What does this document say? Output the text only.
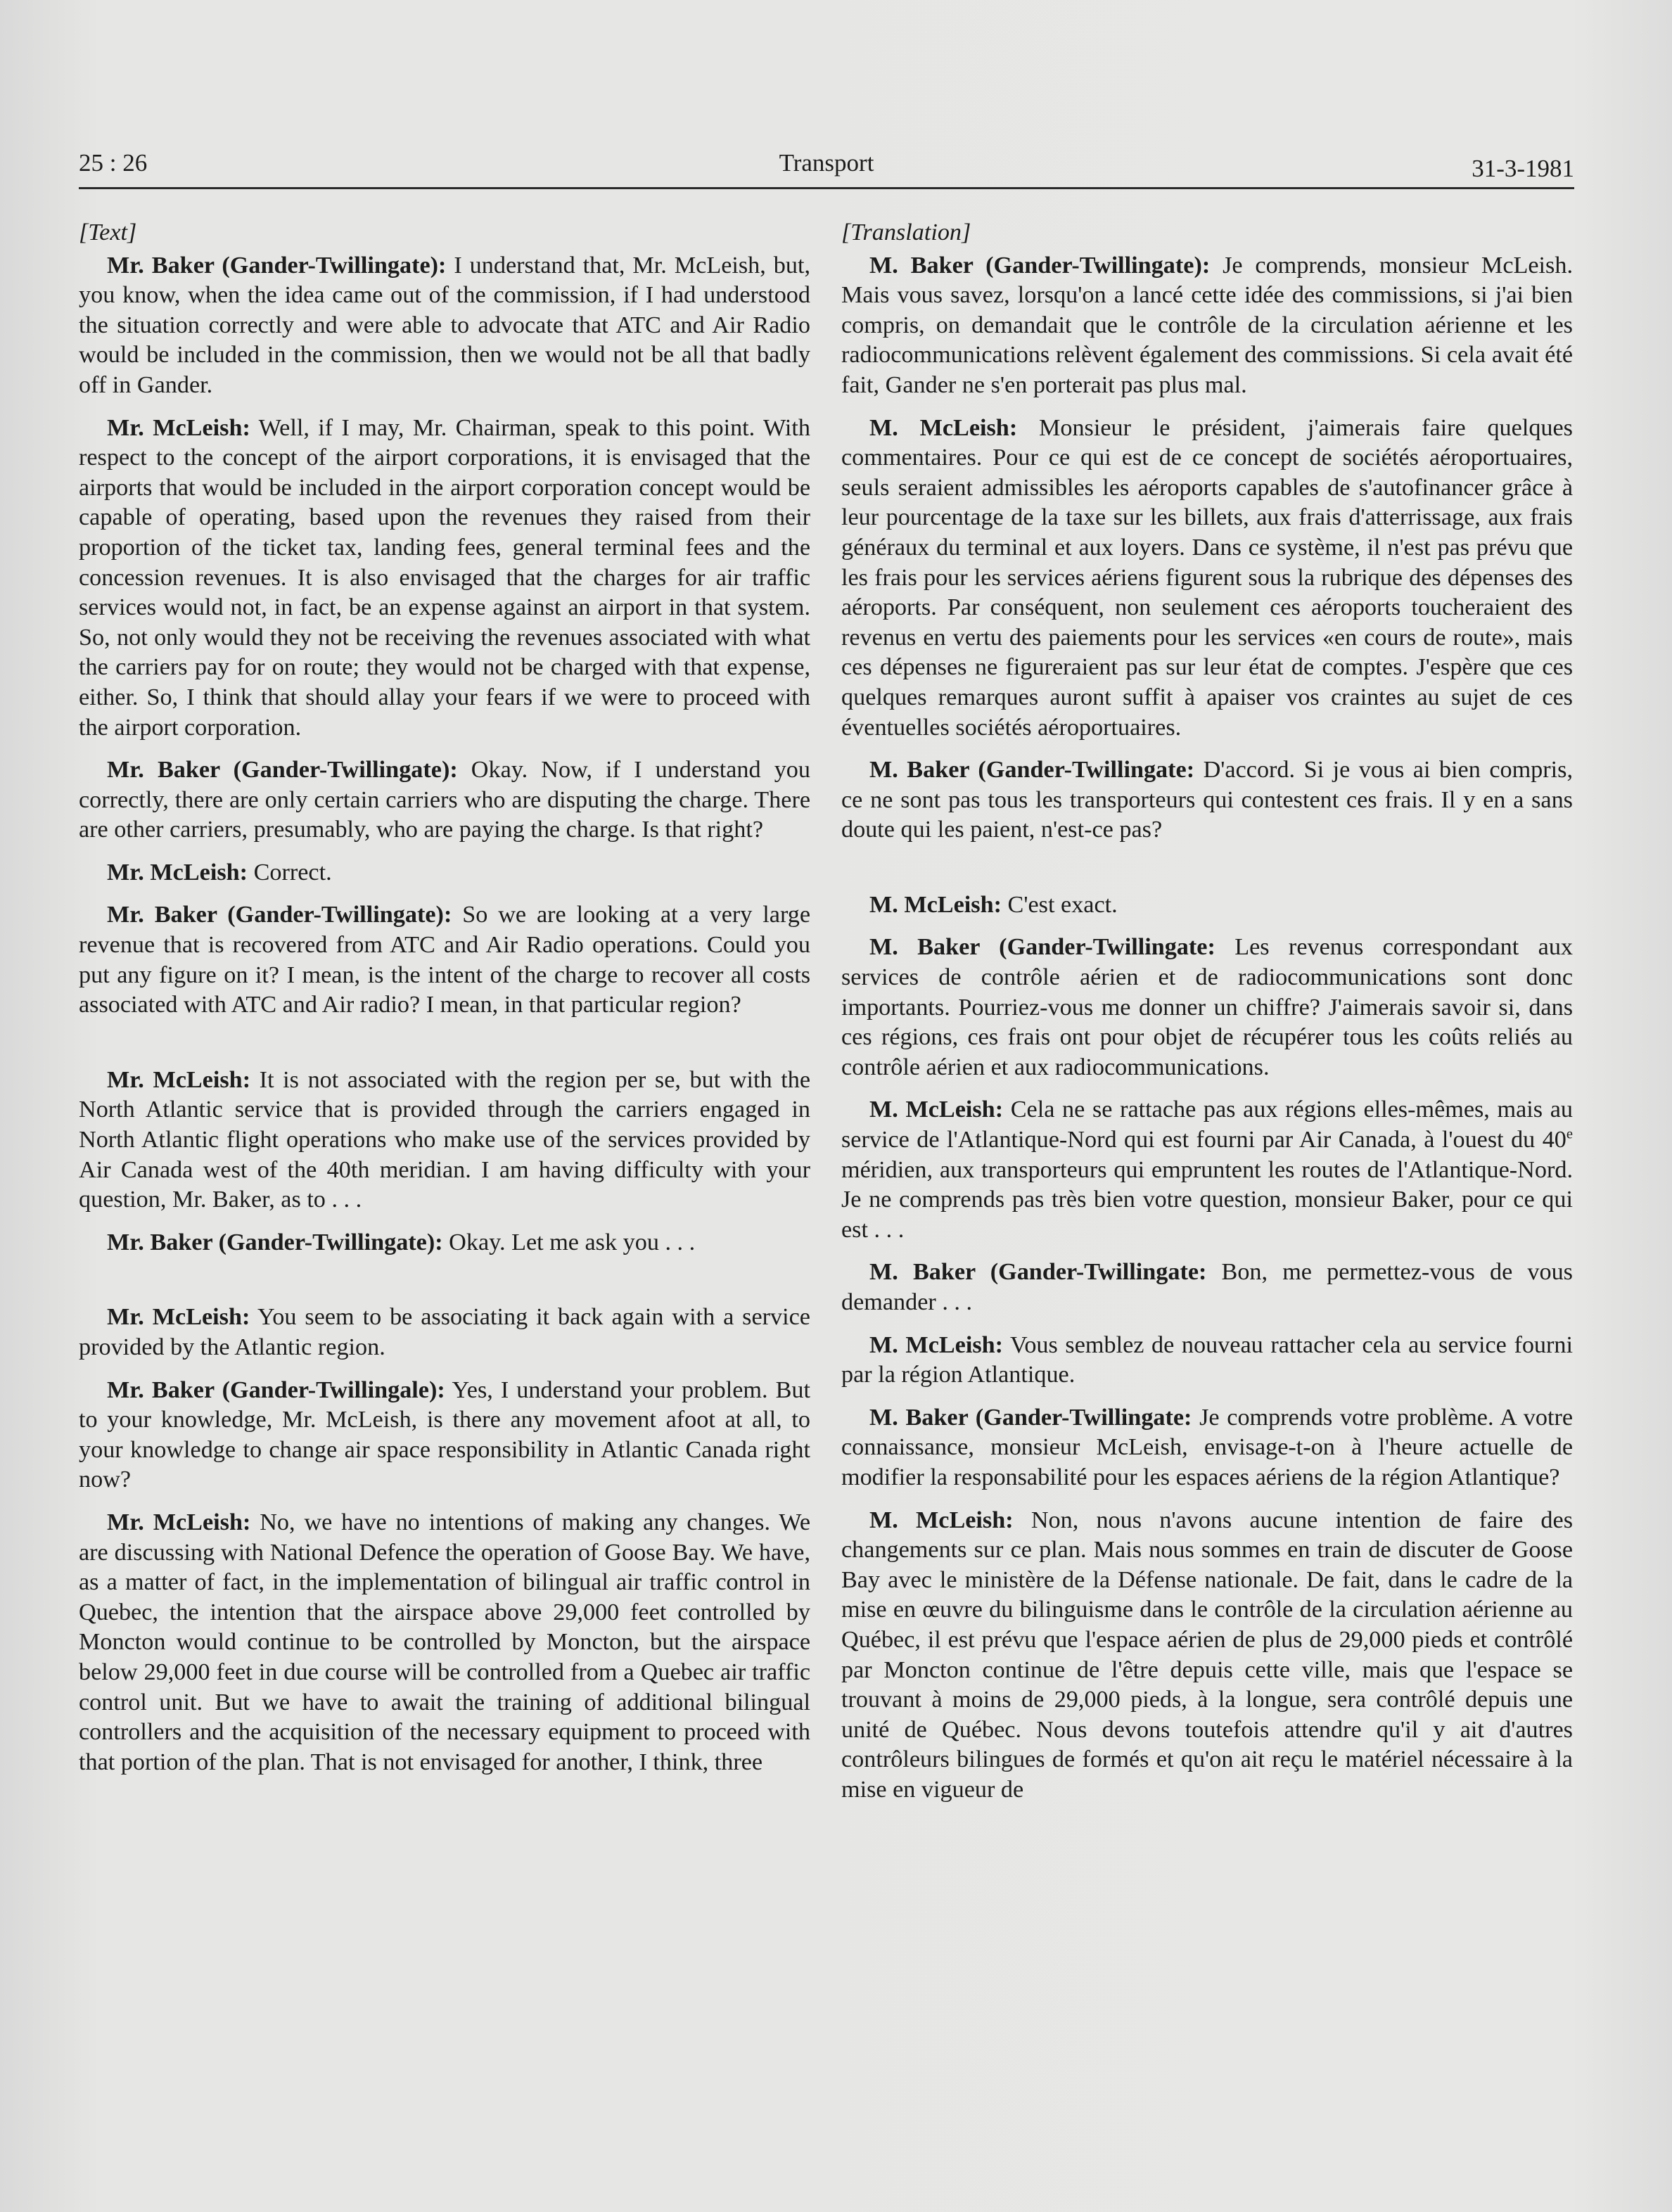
25 : 26	Transport	31-3-1981

[Text]

Mr. Baker (Gander-Twillingate): I understand that, Mr. McLeish, but, you know, when the idea came out of the commission, if I had understood the situation correctly and were able to advocate that ATC and Air Radio would be included in the commission, then we would not be all that badly off in Gander.

Mr. McLeish: Well, if I may, Mr. Chairman, speak to this point. With respect to the concept of the airport corporations, it is envisaged that the airports that would be included in the airport corporation concept would be capable of operating, based upon the revenues they raised from their proportion of the ticket tax, landing fees, general terminal fees and the concession revenues. It is also envisaged that the charges for air traffic services would not, in fact, be an expense against an airport in that system. So, not only would they not be receiving the revenues associated with what the carriers pay for on route; they would not be charged with that expense, either. So, I think that should allay your fears if we were to proceed with the airport corporation.

Mr. Baker (Gander-Twillingate): Okay. Now, if I understand you correctly, there are only certain carriers who are disputing the charge. There are other carriers, presumably, who are paying the charge. Is that right?

Mr. McLeish: Correct.

Mr. Baker (Gander-Twillingate): So we are looking at a very large revenue that is recovered from ATC and Air Radio operations. Could you put any figure on it? I mean, is the intent of the charge to recover all costs associated with ATC and Air radio? I mean, in that particular region?

Mr. McLeish: It is not associated with the region per se, but with the North Atlantic service that is provided through the carriers engaged in North Atlantic flight operations who make use of the services provided by Air Canada west of the 40th meridian. I am having difficulty with your question, Mr. Baker, as to . . .

Mr. Baker (Gander-Twillingate): Okay. Let me ask you . . .

Mr. McLeish: You seem to be associating it back again with a service provided by the Atlantic region.

Mr. Baker (Gander-Twillingale): Yes, I understand your problem. But to your knowledge, Mr. McLeish, is there any movement afoot at all, to your knowledge to change air space responsibility in Atlantic Canada right now?

Mr. McLeish: No, we have no intentions of making any changes. We are discussing with National Defence the operation of Goose Bay. We have, as a matter of fact, in the implementation of bilingual air traffic control in Quebec, the intention that the airspace above 29,000 feet controlled by Moncton would continue to be controlled by Moncton, but the airspace below 29,000 feet in due course will be controlled from a Quebec air traffic control unit. But we have to await the training of additional bilingual controllers and the acquisition of the necessary equipment to proceed with that portion of the plan. That is not envisaged for another, I think, three

[Translation]

M. Baker (Gander-Twillingate): Je comprends, monsieur McLeish. Mais vous savez, lorsqu'on a lancé cette idée des commissions, si j'ai bien compris, on demandait que le contrôle de la circulation aérienne et les radiocommunications relèvent également des commissions. Si cela avait été fait, Gander ne s'en porterait pas plus mal.

M. McLeish: Monsieur le président, j'aimerais faire quelques commentaires. Pour ce qui est de ce concept de sociétés aéroportuaires, seuls seraient admissibles les aéroports capables de s'autofinancer grâce à leur pourcentage de la taxe sur les billets, aux frais d'atterrissage, aux frais généraux du terminal et aux loyers. Dans ce système, il n'est pas prévu que les frais pour les services aériens figurent sous la rubrique des dépenses des aéroports. Par conséquent, non seulement ces aéroports toucheraient des revenus en vertu des paiements pour les services «en cours de route», mais ces dépenses ne figureraient pas sur leur état de comptes. J'espère que ces quelques remarques auront suffit à apaiser vos craintes au sujet de ces éventuelles sociétés aéroportuaires.

M. Baker (Gander-Twillingate: D'accord. Si je vous ai bien compris, ce ne sont pas tous les transporteurs qui contestent ces frais. Il y en a sans doute qui les paient, n'est-ce pas?

M. McLeish: C'est exact.

M. Baker (Gander-Twillingate: Les revenus correspondant aux services de contrôle aérien et de radiocommunications sont donc importants. Pourriez-vous me donner un chiffre? J'aimerais savoir si, dans ces régions, ces frais ont pour objet de récupérer tous les coûts reliés au contrôle aérien et aux radiocommunications.

M. McLeish: Cela ne se rattache pas aux régions elles-mêmes, mais au service de l'Atlantique-Nord qui est fourni par Air Canada, à l'ouest du 40e méridien, aux transporteurs qui empruntent les routes de l'Atlantique-Nord. Je ne comprends pas très bien votre question, monsieur Baker, pour ce qui est . . .

M. Baker (Gander-Twillingate: Bon, me permettez-vous de vous demander . . .

M. McLeish: Vous semblez de nouveau rattacher cela au service fourni par la région Atlantique.

M. Baker (Gander-Twillingate: Je comprends votre problème. A votre connaissance, monsieur McLeish, envisage-t-on à l'heure actuelle de modifier la responsabilité pour les espaces aériens de la région Atlantique?

M. McLeish: Non, nous n'avons aucune intention de faire des changements sur ce plan. Mais nous sommes en train de discuter de Goose Bay avec le ministère de la Défense nationale. De fait, dans le cadre de la mise en œuvre du bilinguisme dans le contrôle de la circulation aérienne au Québec, il est prévu que l'espace aérien de plus de 29,000 pieds et contrôlé par Moncton continue de l'être depuis cette ville, mais que l'espace se trouvant à moins de 29,000 pieds, à la longue, sera contrôlé depuis une unité de Québec. Nous devons toutefois attendre qu'il y ait d'autres contrôleurs bilingues de formés et qu'on ait reçu le matériel nécessaire à la mise en vigueur de
